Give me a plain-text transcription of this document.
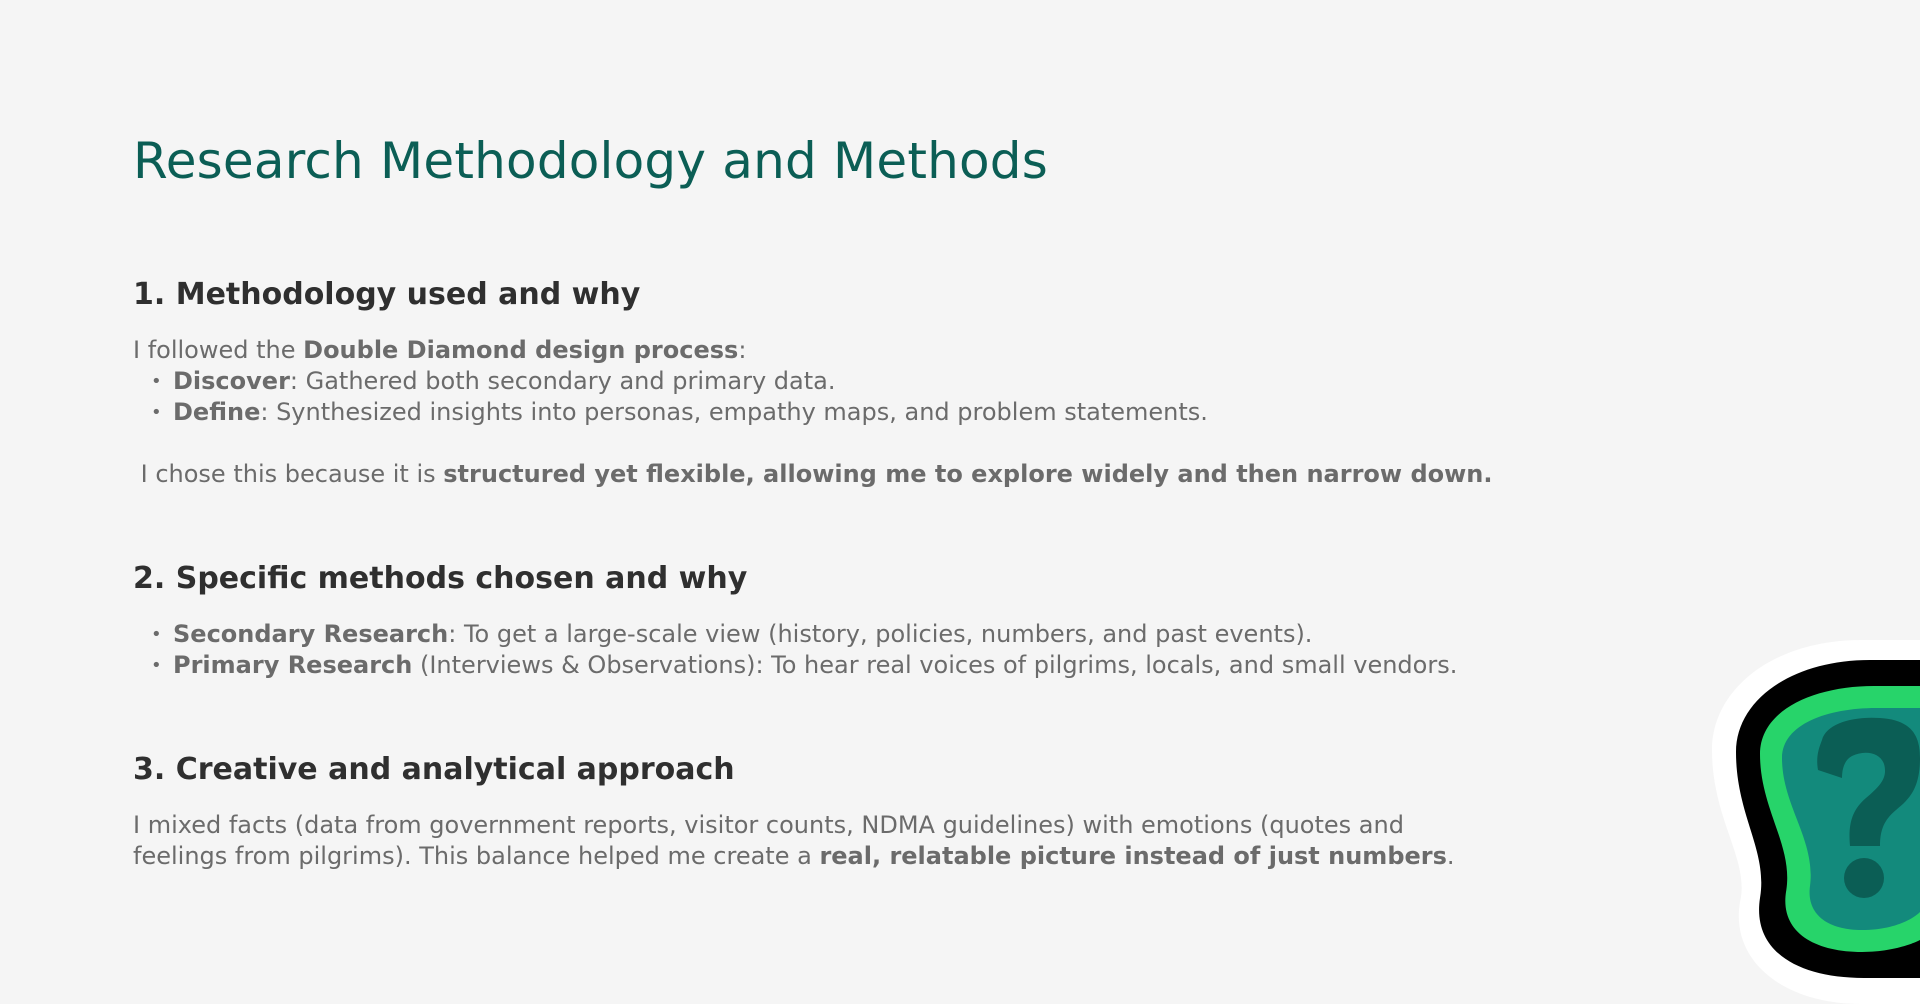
Research Methodology and Methods
1. Methodology used and why

I followed the Double Diamond design process:

• Discover: Gathered both secondary and primary data.
• Define: Synthesized insights into personas, empathy maps, and problem statements.

I chose this because it is structured yet flexible, allowing me to explore widely and then narrow down.

2. Specific methods chosen and why
• Secondary Research: To get a large-scale view (history, policies, numbers, and past events).
• Primary Research (Interviews & Observations): To hear real voices of pilgrims, locals, and small vendors.
3. Creative and analytical approach

I mixed facts (data from government reports, visitor counts, NDMA guidelines) with emotions (quotes and
feelings from pilgrims). This balance helped me create a real, relatable picture instead of just numbers.
